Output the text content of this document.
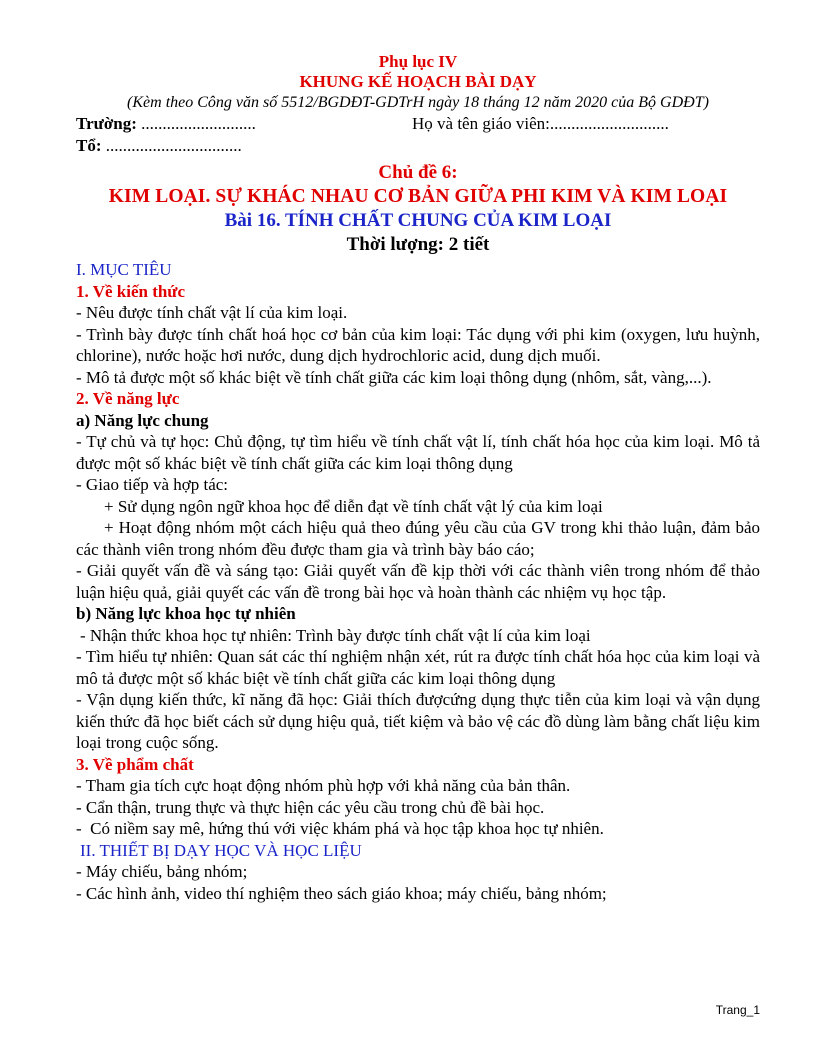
Phụ lục IV
KHUNG KẾ HOẠCH BÀI DẠY
(Kèm theo Công văn số 5512/BGDĐT-GDTrH ngày 18 tháng 12 năm 2020 của Bộ GDĐT)
Trường: ...........................	Họ và tên giáo viên:............................
Tổ: ................................
Chủ đề 6:
KIM LOẠI. SỰ KHÁC NHAU CƠ BẢN GIỮA PHI KIM VÀ KIM LOẠI
Bài 16. TÍNH CHẤT CHUNG CỦA KIM LOẠI
Thời lượng: 2 tiết
I. MỤC TIÊU
1. Về kiến thức
- Nêu được tính chất vật lí của kim loại.
- Trình bày được tính chất hoá học cơ bản của kim loại: Tác dụng với phi kim (oxygen, lưu huỳnh, chlorine), nước hoặc hơi nước, dung dịch hydrochloric acid, dung dịch muối.
- Mô tả được một số khác biệt về tính chất giữa các kim loại thông dụng (nhôm, sắt, vàng,...).
2. Về năng lực
a) Năng lực chung
- Tự chủ và tự học: Chủ động, tự tìm hiểu về tính chất vật lí, tính chất hóa học của kim loại. Mô tả được một số khác biệt về tính chất giữa các kim loại thông dụng
- Giao tiếp và hợp tác:
+ Sử dụng ngôn ngữ khoa học để diễn đạt về tính chất vật lý của kim loại
+ Hoạt động nhóm một cách hiệu quả theo đúng yêu cầu của GV trong khi thảo luận, đảm bảo các thành viên trong nhóm đều được tham gia và trình bày báo cáo;
- Giải quyết vấn đề và sáng tạo: Giải quyết vấn đề kịp thời với các thành viên trong nhóm để thảo luận hiệu quả, giải quyết các vấn đề trong bài học và hoàn thành các nhiệm vụ học tập.
b) Năng lực khoa học tự nhiên
- Nhận thức khoa học tự nhiên: Trình bày được tính chất vật lí của kim loại
- Tìm hiểu tự nhiên: Quan sát các thí nghiệm nhận xét, rút ra được tính chất hóa học của kim loại và mô tả được một số khác biệt về tính chất giữa các kim loại thông dụng
- Vận dụng kiến thức, kĩ năng đã học: Giải thích đượcứng dụng thực tiễn của kim loại và vận dụng kiến thức đã học biết cách sử dụng hiệu quả, tiết kiệm và bảo vệ các đồ dùng làm bằng chất liệu kim loại trong cuộc sống.
3. Về phẩm chất
- Tham gia tích cực hoạt động nhóm phù hợp với khả năng của bản thân.
- Cẩn thận, trung thực và thực hiện các yêu cầu trong chủ đề bài học.
-  Có niềm say mê, hứng thú với việc khám phá và học tập khoa học tự nhiên.
II. THIẾT BỊ DẠY HỌC VÀ HỌC LIỆU
- Máy chiếu, bảng nhóm;
- Các hình ảnh, video thí nghiệm theo sách giáo khoa; máy chiếu, bảng nhóm;
Trang_1
